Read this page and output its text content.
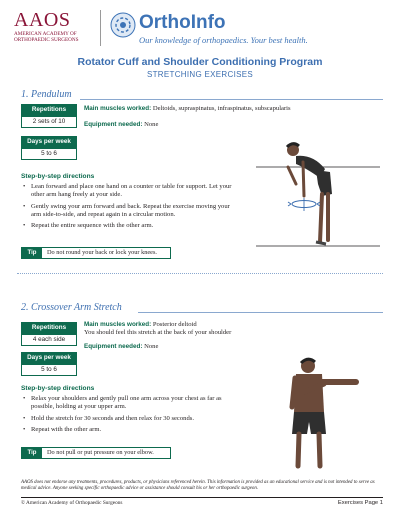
AAOS
AMERICAN ACADEMY OF
ORTHOPAEDIC SURGEONS
OrthoInfo
Our knowledge of orthopaedics. Your best health.
Rotator Cuff and Shoulder Conditioning Program
STRETCHING EXERCISES
1. Pendulum
Repetitions
2 sets of 10
Days per week
5 to 6
Main muscles worked: Deltoids, supraspinatus, infraspinatus, subscapularis
Equipment needed: None
Step-by-step directions
• Lean forward and place one hand on a counter or table for support. Let your other arm hang freely at your side.
• Gently swing your arm forward and back. Repeat the exercise moving your arm side-to-side, and repeat again in a circular motion.
• Repeat the entire sequence with the other arm.
Tip	Do not round your back or lock your knees.
2. Crossover Arm Stretch
Repetitions
4 each side
Days per week
5 to 6
Main muscles worked: Posterior deltoid
You should feel this stretch at the back of your shoulder
Equipment needed: None
Step-by-step directions
• Relax your shoulders and gently pull one arm across your chest as far as possible, holding at your upper arm.
• Hold the stretch for 30 seconds and then relax for 30 seconds.
• Repeat with the other arm.
Tip	Do not pull or put pressure on your elbow.
AAOS does not endorse any treatments, procedures, products, or physicians referenced herein. This information is provided as an educational service and is not intended to serve as medical advice. Anyone seeking specific orthopaedic advice or assistance should consult his or her orthopaedic surgeon.
© American Academy of Orthopaedic Surgeons	Exercises Page 1
